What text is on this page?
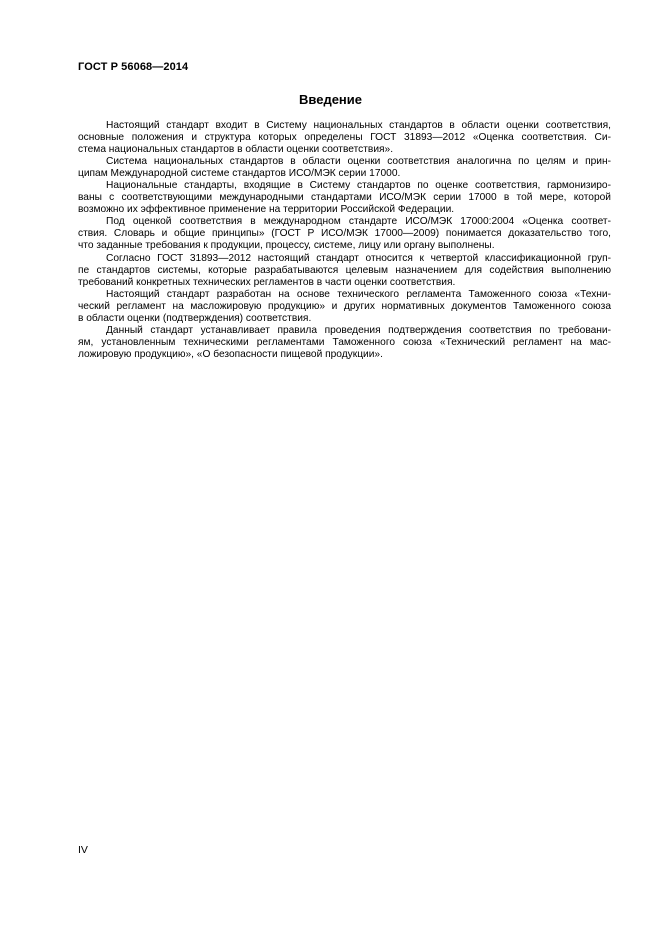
ГОСТ Р 56068—2014
Введение
Настоящий стандарт входит в Систему национальных стандартов в области оценки соответствия,
основные положения и структура которых определены ГОСТ 31893—2012 «Оценка соответствия. Си-
стема национальных стандартов в области оценки соответствия».
Система национальных стандартов в области оценки соответствия аналогична по целям и прин-
ципам Международной системе стандартов ИСО/МЭК серии 17000.
Национальные стандарты, входящие в Систему стандартов по оценке соответствия, гармонизиро-
ваны с соответствующими международными стандартами ИСО/МЭК серии 17000 в той мере, которой
возможно их эффективное применение на территории Российской Федерации.
Под оценкой соответствия в международном стандарте ИСО/МЭК 17000:2004 «Оценка соответ-
ствия. Словарь и общие принципы» (ГОСТ Р ИСО/МЭК 17000—2009) понимается доказательство того,
что заданные требования к продукции, процессу, системе, лицу или органу выполнены.
Согласно ГОСТ 31893—2012 настоящий стандарт относится к четвертой классификационной груп-
пе стандартов системы, которые разрабатываются целевым назначением для содействия выполнению
требований конкретных технических регламентов в части оценки соответствия.
Настоящий стандарт разработан на основе технического регламента Таможенного союза «Техни-
ческий регламент на масложировую продукцию» и других нормативных документов Таможенного союза
в области оценки (подтверждения) соответствия.
Данный стандарт устанавливает правила проведения подтверждения соответствия по требовани-
ям, установленным техническими регламентами Таможенного союза «Технический регламент на мас-
ложировую продукцию», «О безопасности пищевой продукции».
IV
